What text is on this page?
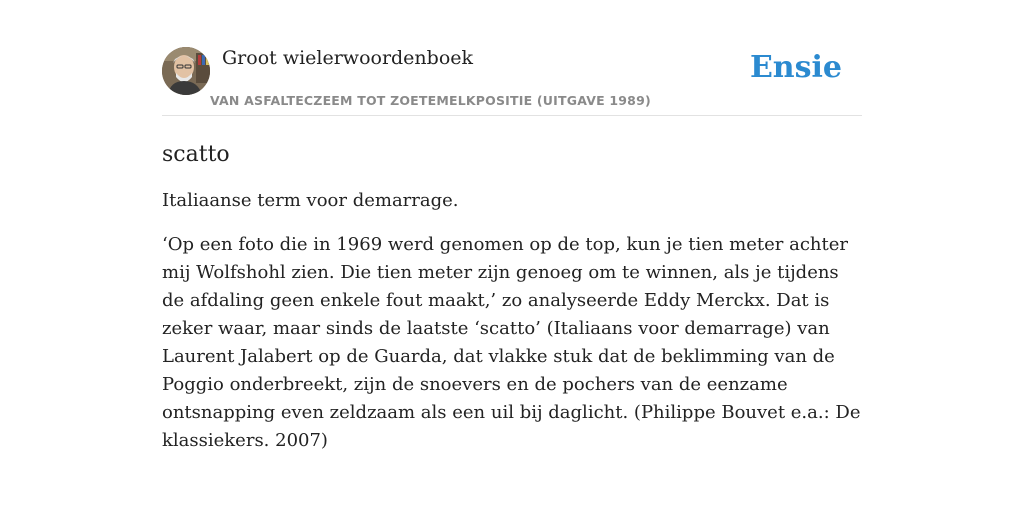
Groot wielerwoordenboek
VAN ASFALTECZEEM TOT ZOETEMELKPOSITIE (UITGAVE 1989)
Ensie
scatto
Italiaanse term voor demarrage.
‘Op een foto die in 1969 werd genomen op de top, kun je tien meter achter mij Wolfshohl zien. Die tien meter zijn genoeg om te winnen, als je tijdens de afdaling geen enkele fout maakt,’ zo analyseerde Eddy Merckx. Dat is zeker waar, maar sinds de laatste ‘scatto’ (Italiaans voor demarrage) van Laurent Jalabert op de Guarda, dat vlakke stuk dat de beklimming van de Poggio onderbreekt, zijn de snoevers en de pochers van de eenzame ontsnapping even zeldzaam als een uil bij daglicht. (Philippe Bouvet e.a.: De klassiekers. 2007)
